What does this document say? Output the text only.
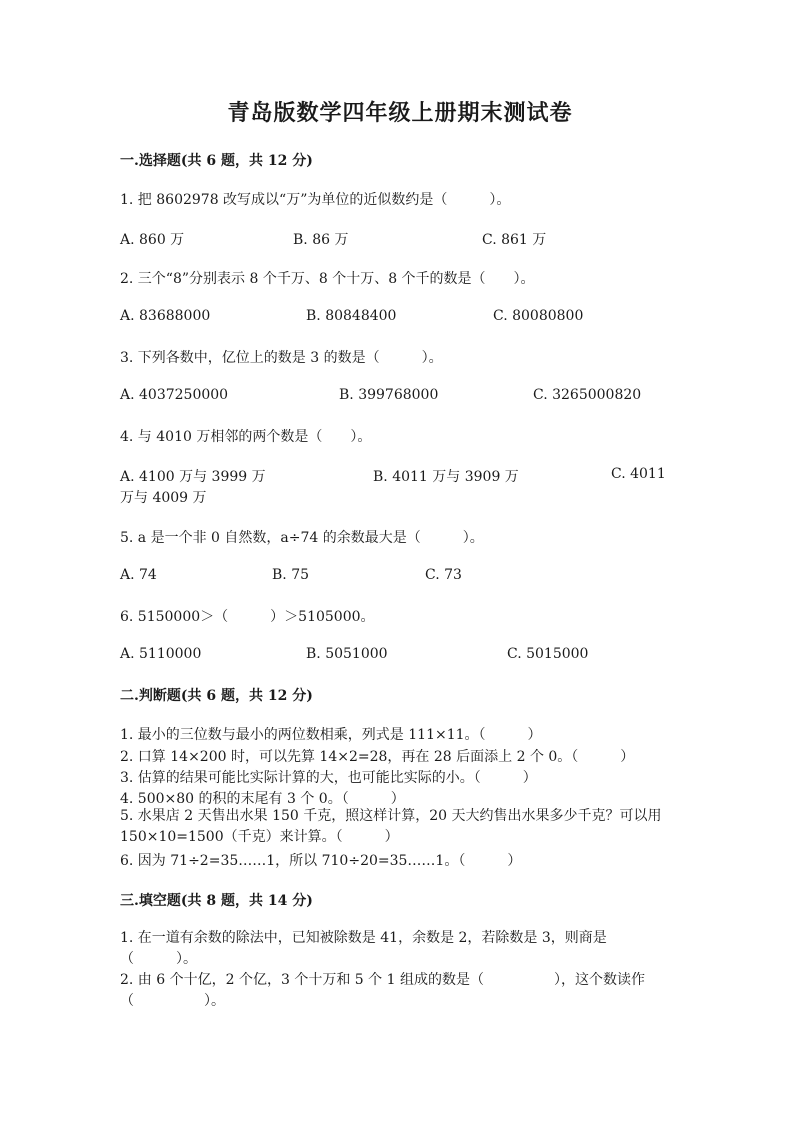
青岛版数学四年级上册期末测试卷
一.选择题(共 6 题，共 12 分)
1. 把 8602978 改写成以“万”为单位的近似数约是（　　　）。
A. 860 万	B. 86 万	C. 861 万
2. 三个“8”分别表示 8 个千万、8 个十万、8 个千的数是（　　）。
A. 83688000	B. 80848400	C. 80080800
3. 下列各数中，亿位上的数是 3 的数是（　　　）。
A. 4037250000	B. 399768000	C. 3265000820
4. 与 4010 万相邻的两个数是（　　）。
A. 4100 万与 3999 万	B. 4011 万与 3909 万	C. 4011
万与 4009 万
5. a 是一个非 0 自然数，a÷74 的余数最大是（　　　）。
A. 74	B. 75	C. 73
6. 5150000＞（　　　）＞5105000。
A. 5110000	B. 5051000	C. 5015000
二.判断题(共 6 题，共 12 分)
1. 最小的三位数与最小的两位数相乘，列式是 111×11。（　　　）
2. 口算 14×200 时，可以先算 14×2=28，再在 28 后面添上 2 个 0。（　　　）
3. 估算的结果可能比实际计算的大，也可能比实际的小。（　　　）
4. 500×80 的积的末尾有 3 个 0。（　　　）
5. 水果店 2 天售出水果 150 千克，照这样计算，20 天大约售出水果多少千克？可以用 150×10=1500（千克）来计算。（　　　）
6. 因为 71÷2=35……1，所以 710÷20=35……1。（　　　）
三.填空题(共 8 题，共 14 分)
1. 在一道有余数的除法中，已知被除数是 41，余数是 2，若除数是 3，则商是（　　　）。
2. 由 6 个十亿，2 个亿，3 个十万和 5 个 1 组成的数是（　　　　　），这个数读作（　　　　　）。
